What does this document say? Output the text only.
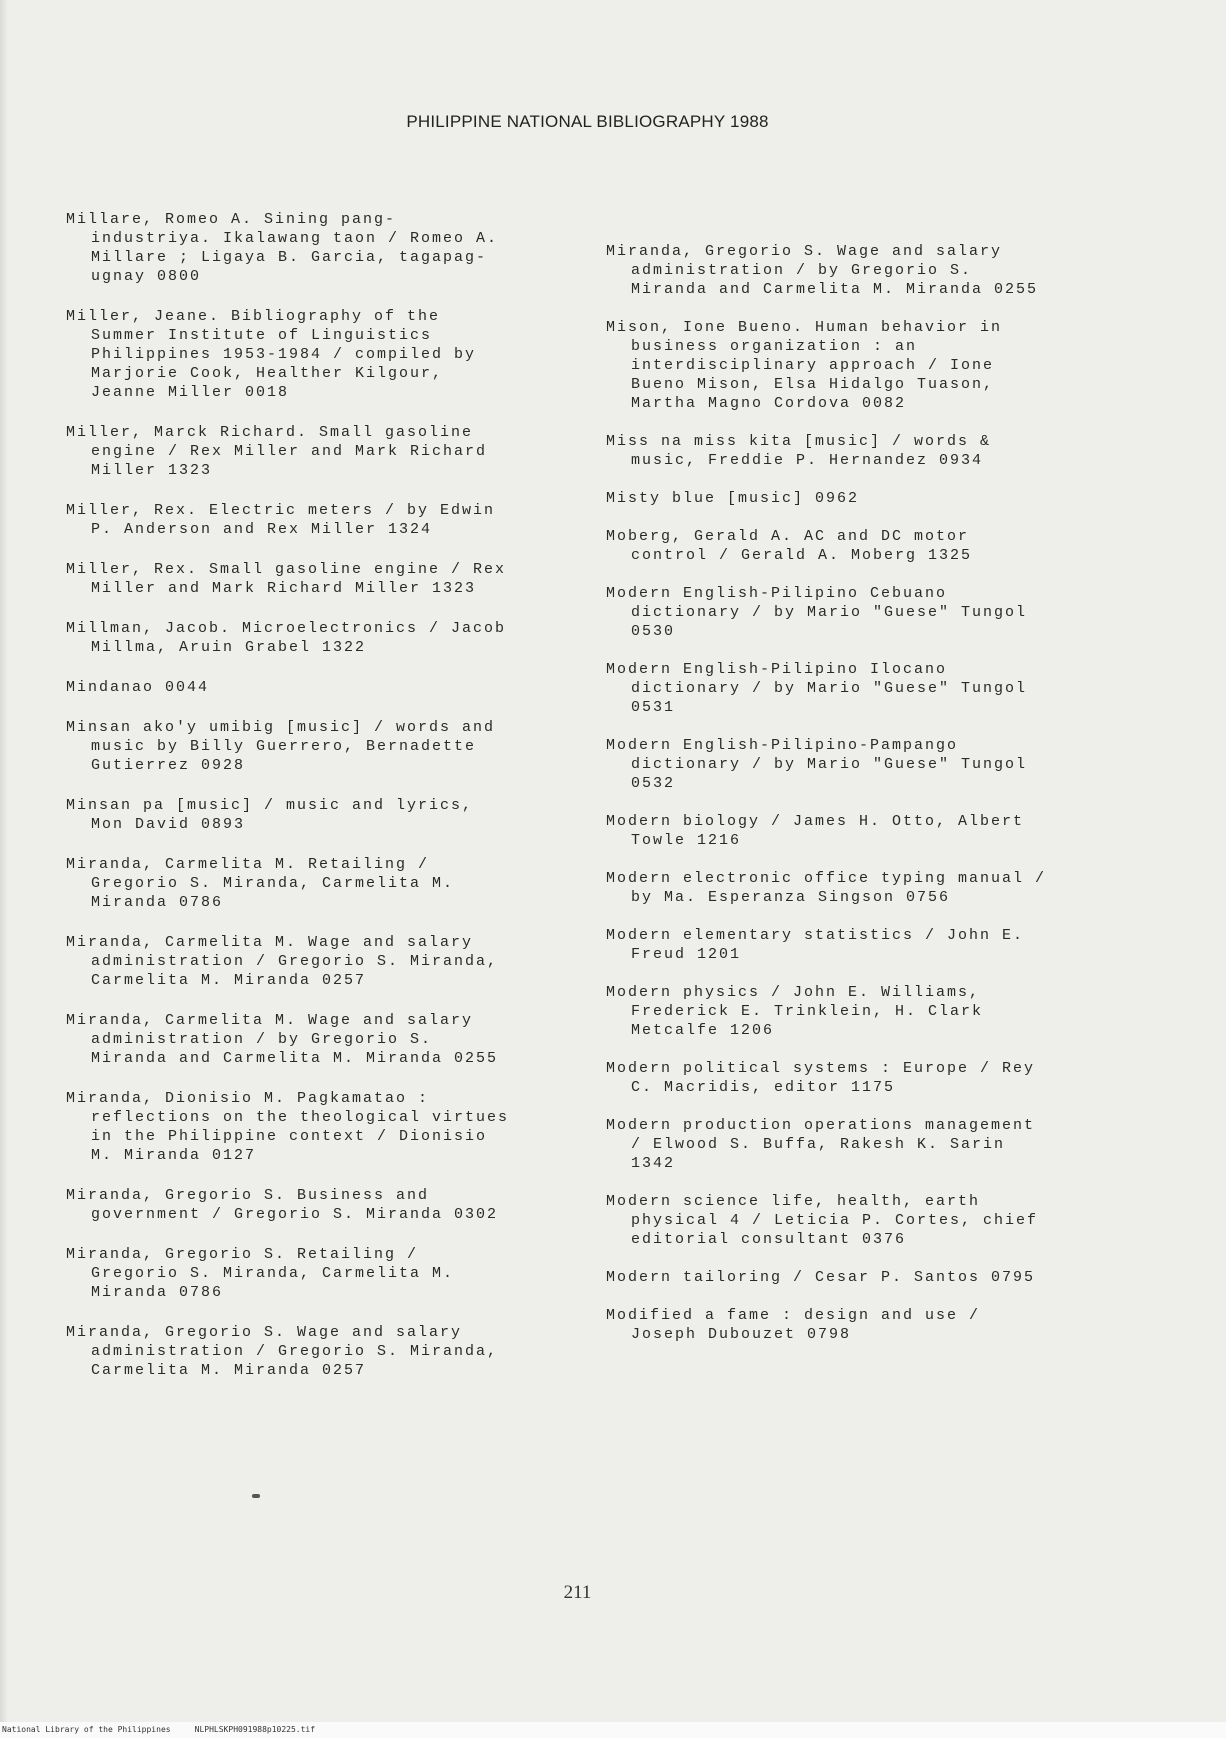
PHILIPPINE NATIONAL BIBLIOGRAPHY 1988
Millare, Romeo A. Sining pang-
industriya. Ikalawang taon / Romeo A.
Millare ; Ligaya B. Garcia, tagapag-
ugnay 0800
Miller, Jeane. Bibliography of the
Summer Institute of Linguistics
Philippines 1953-1984 / compiled by
Marjorie Cook, Healther Kilgour,
Jeanne Miller 0018
Miller, Marck Richard. Small gasoline
engine / Rex Miller and Mark Richard
Miller 1323
Miller, Rex. Electric meters / by Edwin
P. Anderson and Rex Miller 1324
Miller, Rex. Small gasoline engine / Rex
Miller and Mark Richard Miller 1323
Millman, Jacob. Microelectronics / Jacob
Millma, Aruin Grabel 1322
Mindanao 0044
Minsan ako'y umibig [music] / words and
music by Billy Guerrero, Bernadette
Gutierrez 0928
Minsan pa [music] / music and lyrics,
Mon David 0893
Miranda, Carmelita M. Retailing /
Gregorio S. Miranda, Carmelita M.
Miranda 0786
Miranda, Carmelita M. Wage and salary
administration / Gregorio S. Miranda,
Carmelita M. Miranda 0257
Miranda, Carmelita M. Wage and salary
administration / by Gregorio S.
Miranda and Carmelita M. Miranda 0255
Miranda, Dionisio M. Pagkamatao :
reflections on the theological virtues
in the Philippine context / Dionisio
M. Miranda 0127
Miranda, Gregorio S. Business and
government / Gregorio S. Miranda 0302
Miranda, Gregorio S. Retailing /
Gregorio S. Miranda, Carmelita M.
Miranda 0786
Miranda, Gregorio S. Wage and salary
administration / Gregorio S. Miranda,
Carmelita M. Miranda 0257
Miranda, Gregorio S. Wage and salary
administration / by Gregorio S.
Miranda and Carmelita M. Miranda 0255
Mison, Ione Bueno. Human behavior in
business organization : an
interdisciplinary approach / Ione
Bueno Mison, Elsa Hidalgo Tuason,
Martha Magno Cordova 0082
Miss na miss kita [music] / words &
music, Freddie P. Hernandez 0934
Misty blue [music] 0962
Moberg, Gerald A. AC and DC motor
control / Gerald A. Moberg 1325
Modern English-Pilipino Cebuano
dictionary / by Mario "Guese" Tungol
0530
Modern English-Pilipino Ilocano
dictionary / by Mario "Guese" Tungol
0531
Modern English-Pilipino-Pampango
dictionary / by Mario "Guese" Tungol
0532
Modern biology / James H. Otto, Albert
Towle 1216
Modern electronic office typing manual /
by Ma. Esperanza Singson 0756
Modern elementary statistics / John E.
Freud 1201
Modern physics / John E. Williams,
Frederick E. Trinklein, H. Clark
Metcalfe 1206
Modern political systems : Europe / Rey
C. Macridis, editor 1175
Modern production operations management
/ Elwood S. Buffa, Rakesh K. Sarin
1342
Modern science life, health, earth
physical 4 / Leticia P. Cortes, chief
editorial consultant 0376
Modern tailoring / Cesar P. Santos 0795
Modified a fame : design and use /
Joseph Dubouzet 0798
211
National Library of the Philippines     NLPHLSKPH091988p10225.tif
